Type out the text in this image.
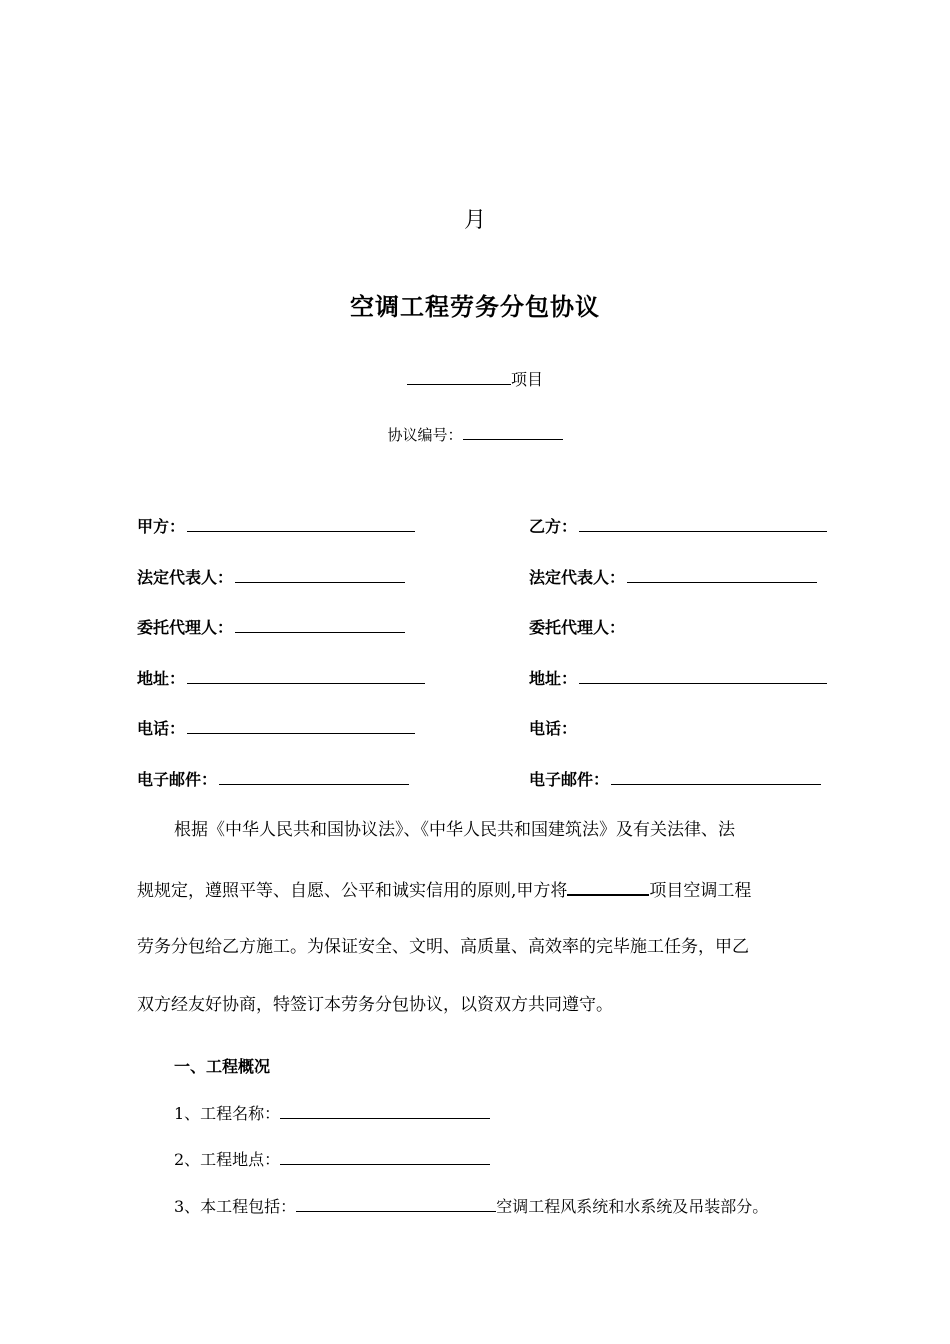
月
空调工程劳务分包协议
项目
协议编号：
甲方：
法定代表人：
委托代理人：
地址：
电话：
电子邮件：
乙方：
法定代表人：
委托代理人：
地址：
电话：
电子邮件：
根据《中华人民共和国协议法》、《中华人民共和国建筑法》及有关法律、法
规规定，遵照平等、自愿、公平和诚实信用的原则,甲方将	项目空调工程
劳务分包给乙方施工。为保证安全、文明、高质量、高效率的完毕施工任务，甲乙
双方经友好协商，特签订本劳务分包协议，以资双方共同遵守。
一、工程概况
1、工程名称：
2、工程地点：
3、本工程包括：	空调工程风系统和水系统及吊装部分。
